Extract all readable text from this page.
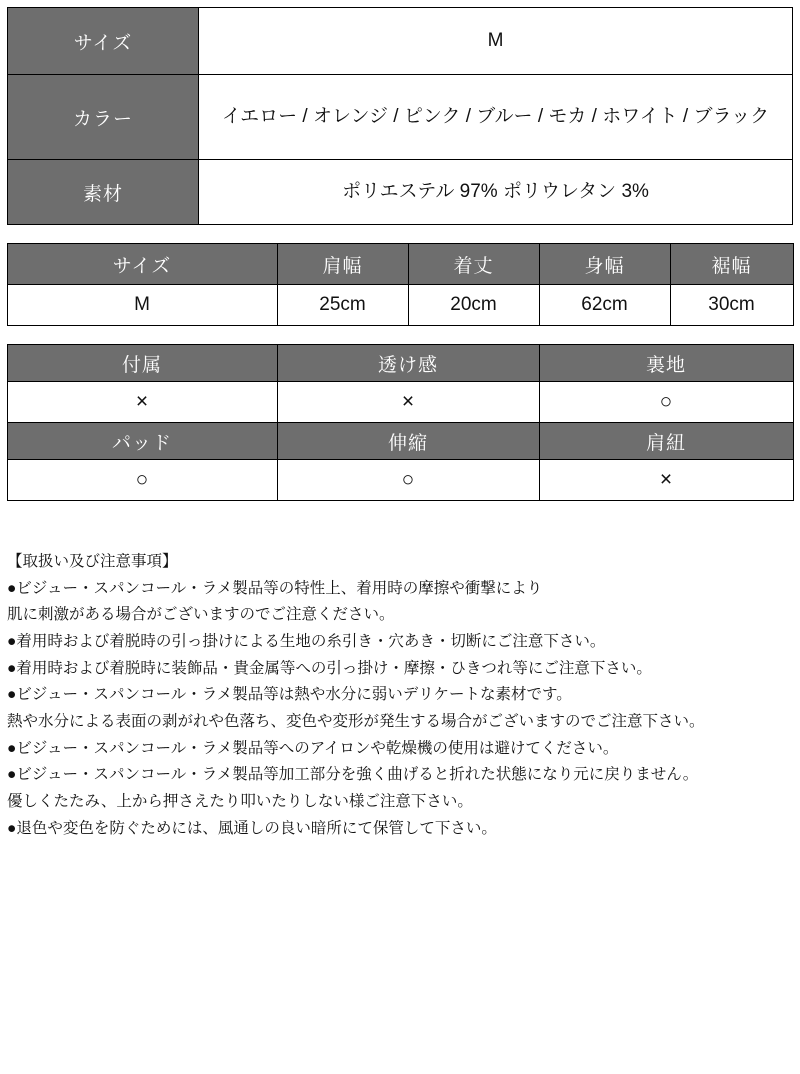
サイズ	M
カラー	イエロー / オレンジ / ピンク / ブルー / モカ / ホワイト / ブラック
素材	ポリエステル 97% ポリウレタン 3%
サイズ	肩幅	着丈	身幅	裾幅
M	25cm	20cm	62cm	30cm
付属	透け感	裏地
×	×	○
パッド	伸縮	肩紐
○	○	×
【取扱い及び注意事項】
●ビジュー・スパンコール・ラメ製品等の特性上、着用時の摩擦や衝撃により
肌に刺激がある場合がございますのでご注意ください。
●着用時および着脱時の引っ掛けによる生地の糸引き・穴あき・切断にご注意下さい。
●着用時および着脱時に装飾品・貴金属等への引っ掛け・摩擦・ひきつれ等にご注意下さい。
●ビジュー・スパンコール・ラメ製品等は熱や水分に弱いデリケートな素材です。
熱や水分による表面の剥がれや色落ち、変色や変形が発生する場合がございますのでご注意下さい。
●ビジュー・スパンコール・ラメ製品等へのアイロンや乾燥機の使用は避けてください。
●ビジュー・スパンコール・ラメ製品等加工部分を強く曲げると折れた状態になり元に戻りません。
優しくたたみ、上から押さえたり叩いたりしない様ご注意下さい。
●退色や変色を防ぐためには、風通しの良い暗所にて保管して下さい。
